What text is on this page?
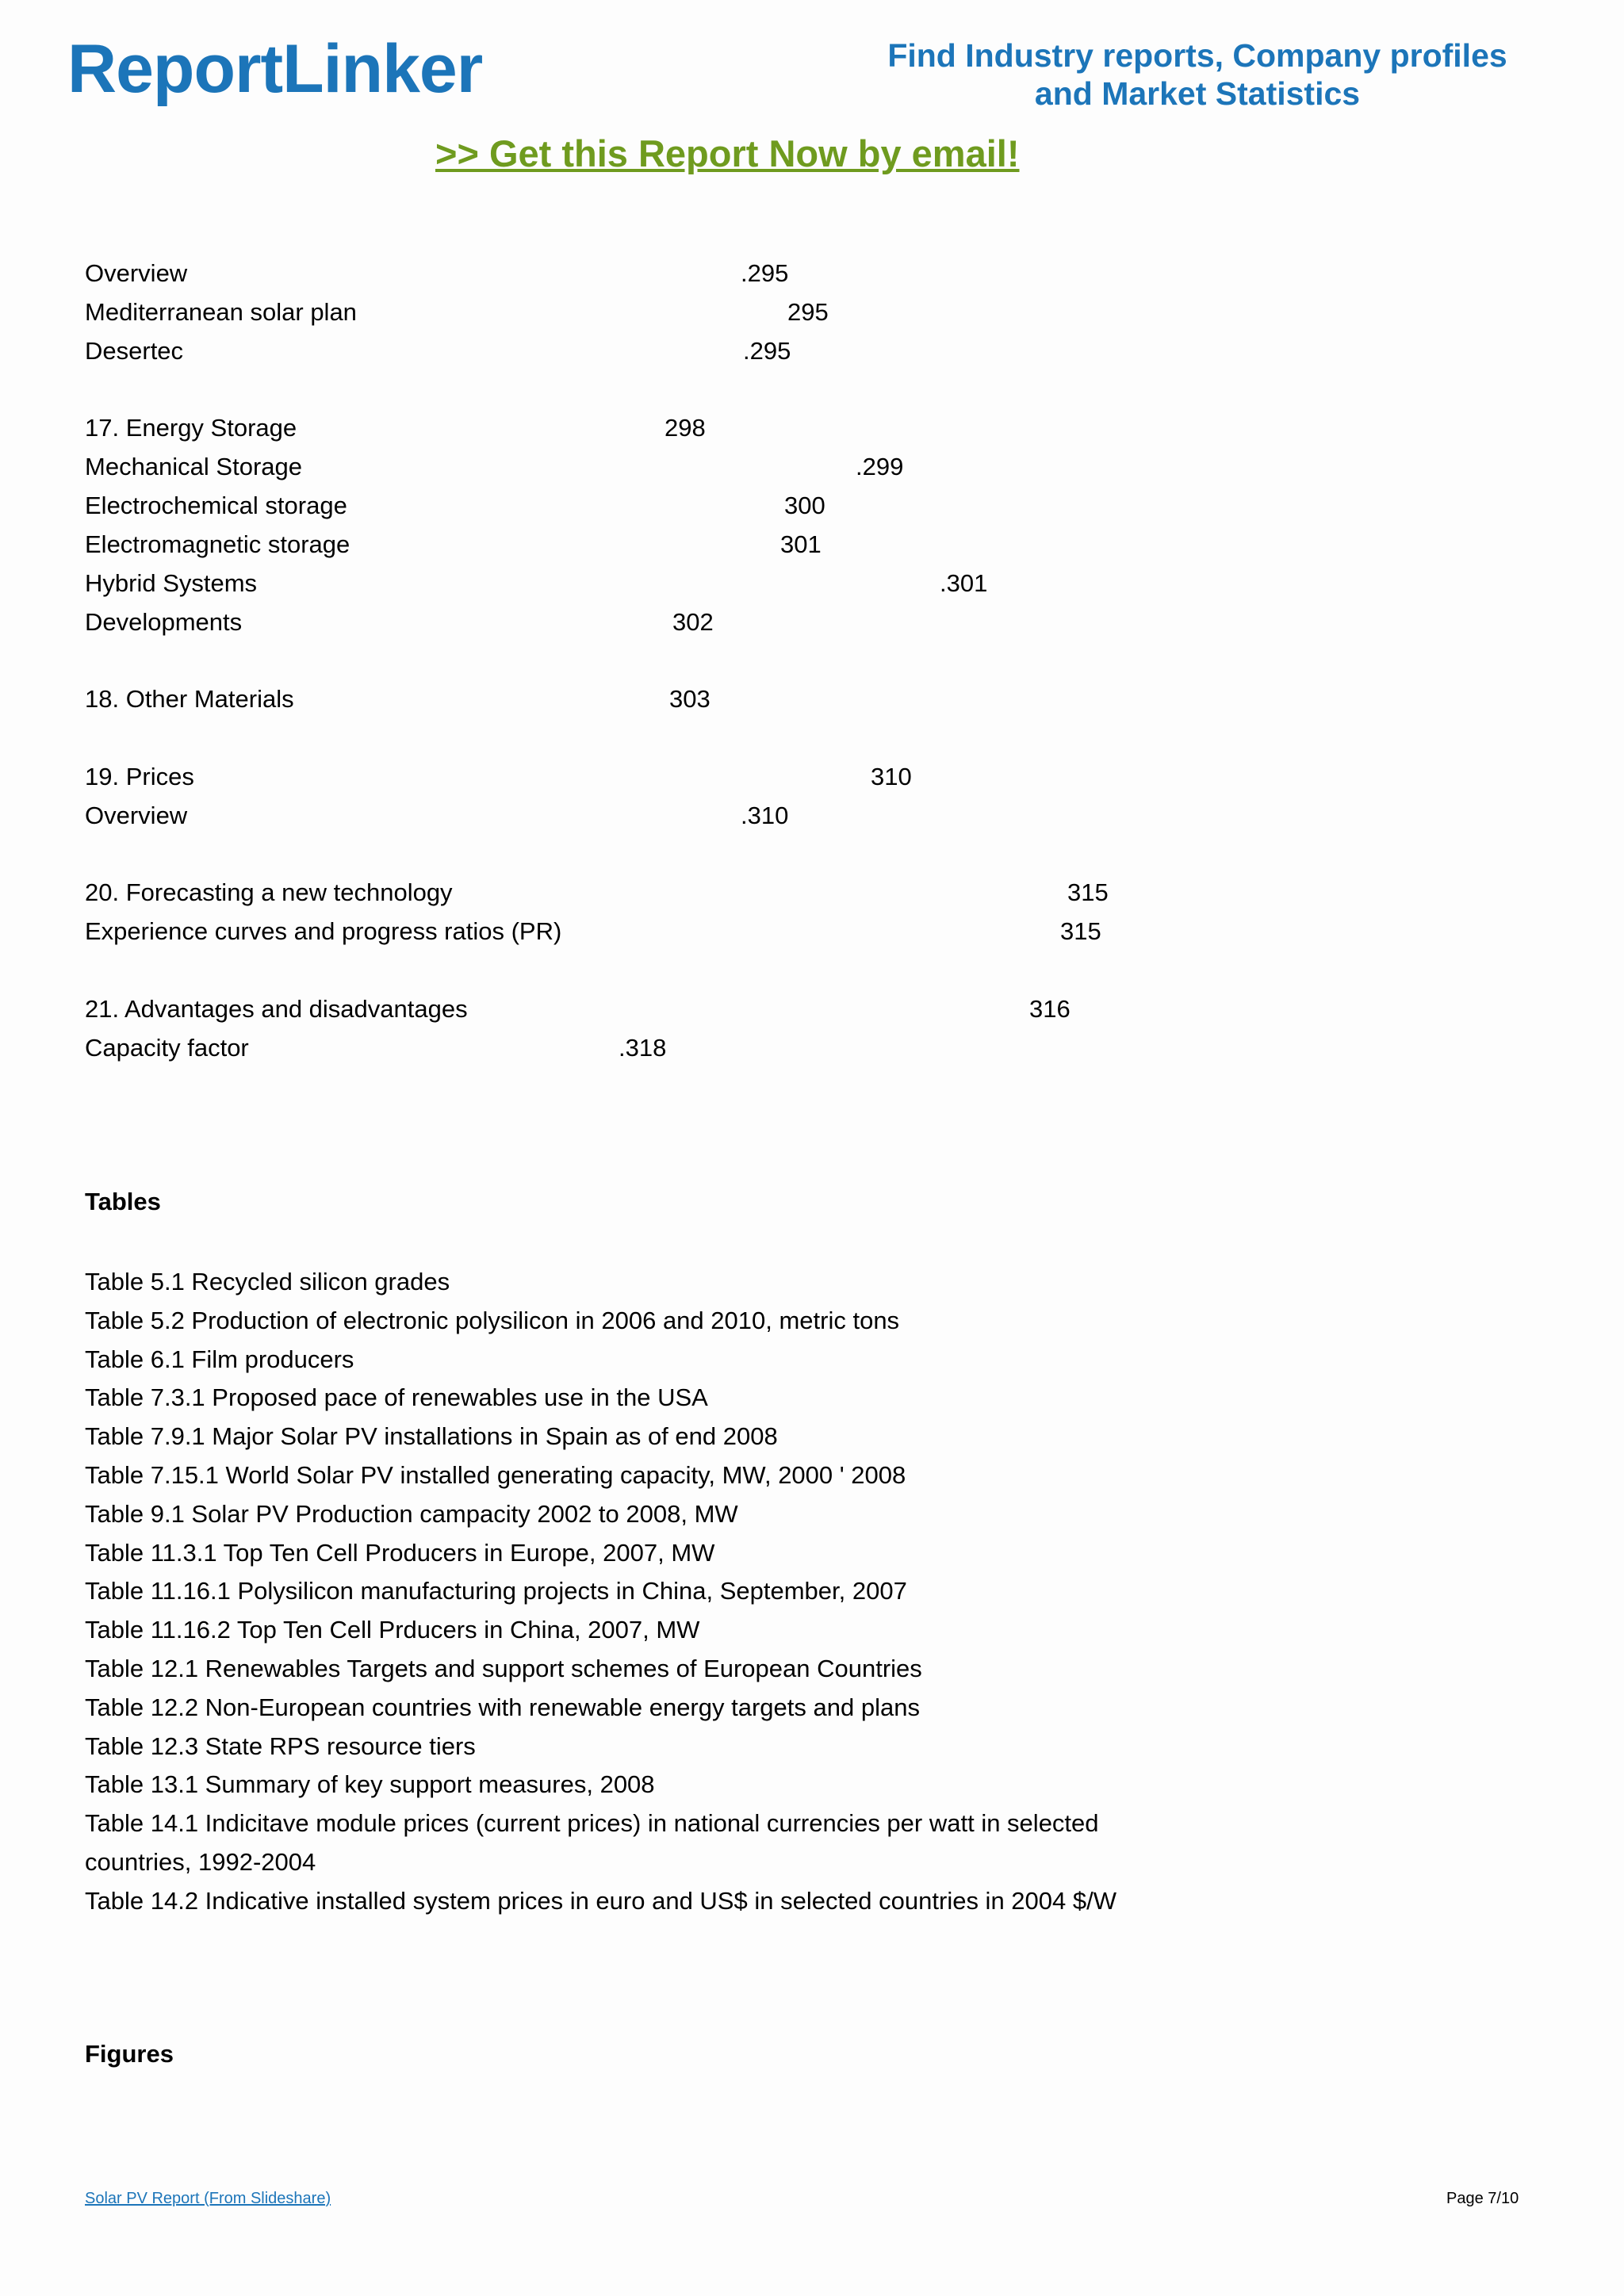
ReportLinker	Find Industry reports, Company profiles
and Market Statistics
>> Get this Report Now by email!
Overview	.295
Mediterranean solar plan	295
Desertec	.295
17. Energy Storage	298
Mechanical Storage	.299
Electrochemical storage	300
Electromagnetic storage	301
Hybrid Systems	.301
Developments	302
18. Other Materials	303
19. Prices	310
Overview	.310
20. Forecasting a new technology	315
Experience curves and progress ratios (PR)	315
21. Advantages and disadvantages	316
Capacity factor	.318
Tables
Table 5.1 Recycled silicon grades
Table 5.2 Production of electronic polysilicon in 2006 and 2010, metric tons
Table 6.1 Film producers
Table 7.3.1 Proposed pace of renewables use in the USA
Table 7.9.1 Major Solar PV installations in Spain as of end 2008
Table 7.15.1 World Solar PV installed generating capacity, MW, 2000 ' 2008
Table 9.1 Solar PV Production campacity 2002 to 2008, MW
Table 11.3.1 Top Ten Cell Producers in Europe, 2007, MW
Table 11.16.1 Polysilicon manufacturing projects in China, September, 2007
Table 11.16.2 Top Ten Cell Prducers in China, 2007, MW
Table 12.1 Renewables Targets and support schemes of European Countries
Table 12.2 Non-European countries with renewable energy targets and plans
Table 12.3 State RPS resource tiers
Table 13.1 Summary of key support measures, 2008
Table 14.1 Indicitave module prices (current prices) in national currencies per watt in selected
countries, 1992-2004
Table 14.2 Indicative installed system prices in euro and US$ in selected countries in 2004 $/W
Figures
Solar PV Report (From Slideshare)	Page 7/10
